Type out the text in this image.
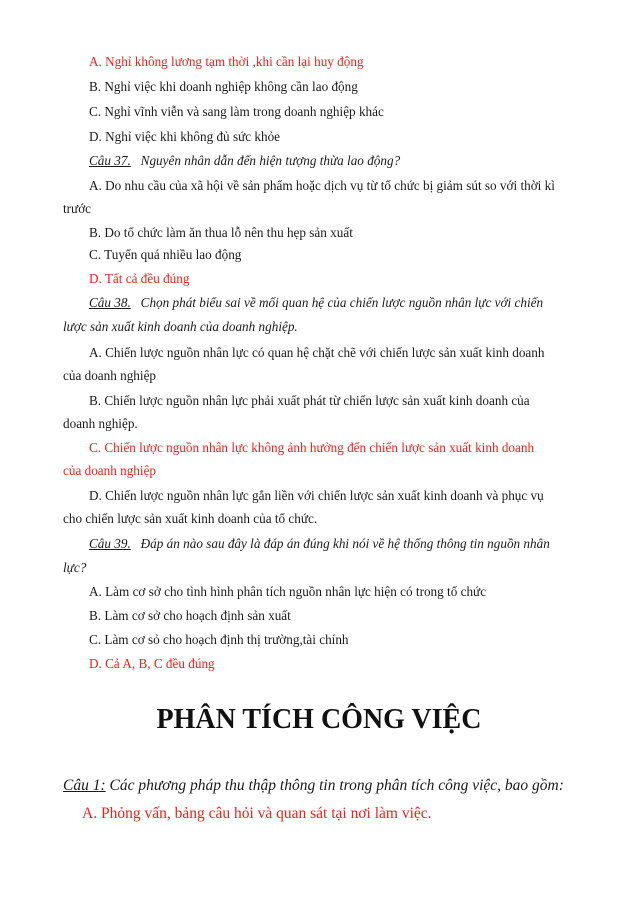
A. Nghỉ không lương tạm thời ,khi cần lại huy động
B. Nghỉ việc khi doanh nghiệp không cần lao động
C. Nghỉ vĩnh viễn và sang làm trong doanh nghiệp khác
D. Nghỉ việc khi không đủ sức khỏe
Câu 37. Nguyên nhân dẫn đến hiện tượng thừa lao động?
A. Do nhu cầu của xã hội về sản phẩm hoặc dịch vụ từ tổ chức bị giảm sút so với thời kì
trước
B. Do tổ chức làm ăn thua lỗ nên thu hẹp sản xuất
C. Tuyển quá nhiều lao động
D. Tất cả đều đúng
Câu 38. Chọn phát biểu sai về mối quan hệ của chiến lược nguồn nhân lực với chiến
lược sản xuất kinh doanh của doanh nghiệp.
A. Chiến lược nguồn nhân lực có quan hệ chặt chẽ với chiến lược sản xuất kinh doanh
của doanh nghiệp
B. Chiến lược nguồn nhân lực phải xuất phát từ chiến lược sản xuất kinh doanh của
doanh nghiệp.
C. Chiến lược nguồn nhân lực không ảnh hưởng đến chiến lược sản xuất kinh doanh
của doanh nghiệp
D. Chiến lược nguồn nhân lực gắn liền với chiến lược sản xuất kinh doanh và phục vụ
cho chiến lược sản xuất kinh doanh của tổ chức.
Câu 39. Đáp án nào sau đây là đáp án đúng khi nói về hệ thống thông tin nguồn nhân
lực?
A. Làm cơ sở cho tình hình phân tích nguồn nhân lực hiện có trong tổ chức
B. Làm cơ sở cho hoạch định sản xuất
C. Làm cơ sỏ cho hoạch định thị trường,tài chính
D. Cả A, B, C đều đúng
PHÂN TÍCH CÔNG VIỆC
Câu 1: Các phương pháp thu thập thông tin trong phân tích công việc, bao gồm:
A. Phỏng vấn, bảng câu hỏi và quan sát tại nơi làm việc.
